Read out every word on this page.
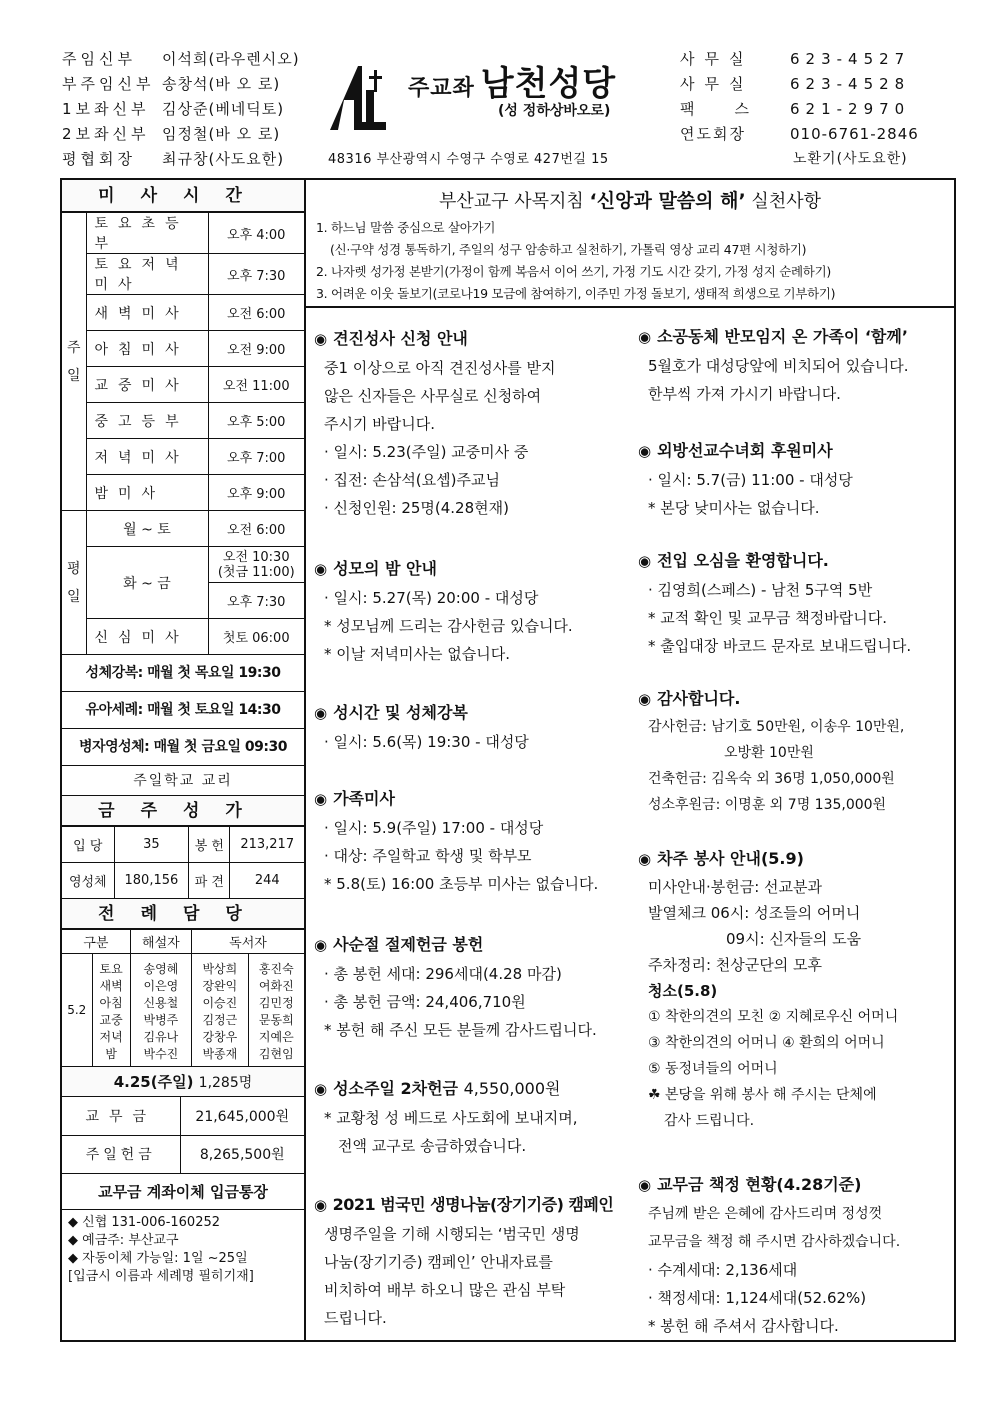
주임신부 이석희(라우렌시오)
부주임신부 송창석(바 오 로)
1보좌신부 김상준(베네딕토)
2보좌신부 임정철(바 오 로)
평협회장 최규창(사도요한)
주교좌 남천성당
(성 정하상바오로)
48316 부산광역시 수영구 수영로 427번길 15
사무실 623-4527
사무실 623-4528
팩스621-2970
연도회장	010-6761-2846
노환기(사도요한)
미사시간
주일	토요초등부	오후 4:00
	토요저녁미사	오후 7:30
	새벽미사	오전 6:00
	아침미사	오전 9:00
	교중미사	오전 11:00
	중고등부	오후 5:00
	저녁미사	오후 7:00
	밤미사	오후 9:00
평일	월 ~ 토	오전 6:00
	화 ~ 금	오전 10:30
(첫금 11:00)

		오후 7:30
	신심미사	첫토 06:00
성체강복: 매월 첫 목요일 19:30
유아세례: 매월 첫 토요일 14:30
병자영성체: 매월 첫 금요일 09:30
주일학교 교리
금주성가
입 당	35	봉 헌	213,217
영성체	180,156	파 견	244
전례담당
구분		해설자	독서자	
5.2	토요	송영혜	박상희	홍진숙
	새벽	이은영	장완익	여화진
	아침	신용철	이승진	김민정
	교중	박병주	김정근	문동희
	저녁	김유나	강창우	지예은
	밤	박수진	박종재	김현임
4.25(주일) 1,285명
교무금	21,645,000원
주일헌금	8,265,500원
교무금 계좌이체 입금통장
◆ 신협 131-006-160252
◆ 예금주: 부산교구
◆ 자동이체 가능일: 1일 ~25일
[입금시 이름과 세례명 필히기재]
부산교구 사목지침 ‘신앙과 말씀의 해’ 실천사항
1. 하느님 말씀 중심으로 살아가기
(신·구약 성경 통독하기, 주일의 성구 암송하고 실천하기, 가톨릭 영상 교리 47편 시청하기)
2. 나자렛 성가정 본받기(가정이 함께 복음서 이어 쓰기, 가정 기도 시간 갖기, 가정 성지 순례하기)
3. 어려운 이웃 돌보기(코로나19 모금에 참여하기, 이주민 가정 돌보기, 생태적 희생으로 기부하기)
◉ 견진성사 신청 안내

중1 이상으로 아직 견진성사를 받지

않은 신자들은 사무실로 신청하여

주시기 바랍니다.

· 일시: 5.23(주일) 교중미사 중

· 집전: 손삼석(요셉)주교님

· 신청인원: 25명(4.28현재)

◉ 성모의 밤 안내

· 일시: 5.27(목) 20:00 - 대성당

* 성모님께 드리는 감사헌금 있습니다.

* 이날 저녁미사는 없습니다.

◉ 성시간 및 성체강복

· 일시: 5.6(목) 19:30 - 대성당

◉ 가족미사

· 일시: 5.9(주일) 17:00 - 대성당

· 대상: 주일학교 학생 및 학부모

* 5.8(토) 16:00 초등부 미사는 없습니다.

◉ 사순절 절제헌금 봉헌

· 총 봉헌 세대: 296세대(4.28 마감)

· 총 봉헌 금액: 24,406,710원

* 봉헌 해 주신 모든 분들께 감사드립니다.

◉ 성소주일 2차헌금 4,550,000원

* 교황청 성 베드로 사도회에 보내지며,

전액 교구로 송금하였습니다.

◉ 2021 범국민 생명나눔(장기기증) 캠페인

생명주일을 기해 시행되는 ‘범국민 생명

나눔(장기기증) 캠페인’ 안내자료를

비치하여 배부 하오니 많은 관심 부탁

드립니다.

◉ 소공동체 반모임지 온 가족이 ‘함께’

5월호가 대성당앞에 비치되어 있습니다.

한부씩 가져 가시기 바랍니다.

◉ 외방선교수녀회 후원미사

· 일시: 5.7(금) 11:00 - 대성당

* 본당 낮미사는 없습니다.

◉ 전입 오심을 환영합니다.

· 김영희(스페스) - 남천 5구역 5반

* 교적 확인 및 교무금 책정바랍니다.

* 출입대장 바코드 문자로 보내드립니다.

◉ 감사합니다.

감사헌금: 남기호 50만원, 이송우 10만원,

오방환 10만원

건축헌금: 김옥숙 외 36명 1,050,000원

성소후원금: 이명훈 외 7명 135,000원

◉ 차주 봉사 안내(5.9)

미사안내·봉헌금: 선교분과

발열체크 06시: 성조들의 어머니

09시: 신자들의 도움

주차정리: 천상군단의 모후

청소(5.8)

① 착한의견의 모친 ② 지혜로우신 어머니

③ 착한의견의 어머니 ④ 환희의 어머니

⑤ 동정녀들의 어머니

☘ 본당을 위해 봉사 해 주시는 단체에

감사 드립니다.

◉ 교무금 책정 현황(4.28기준)

주님께 받은 은혜에 감사드리며 정성껏

교무금을 책정 해 주시면 감사하겠습니다.

· 수계세대: 2,136세대

· 책정세대: 1,124세대(52.62%)

* 봉헌 해 주셔서 감사합니다.
